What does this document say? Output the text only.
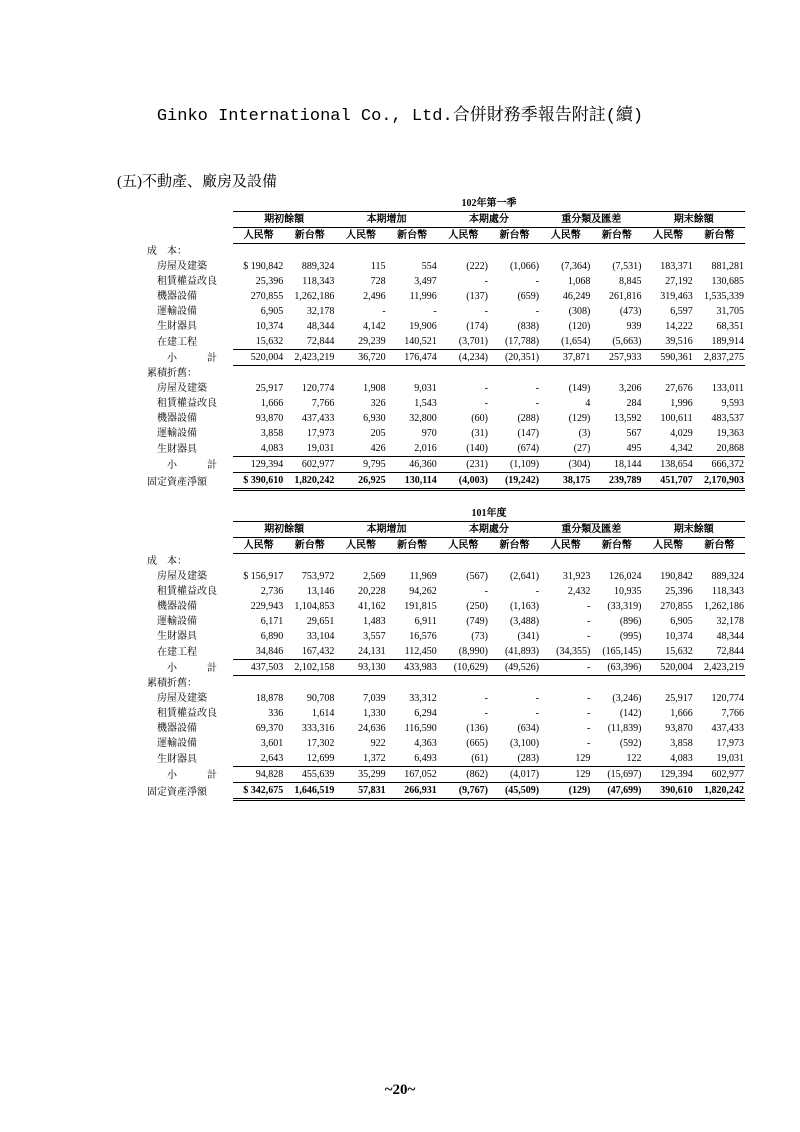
Ginko International Co., Ltd.合併財務季報告附註(續)
(五)不動產、廠房及設備
	102年第一季									
	期初餘額		本期增加		本期處分		重分類及匯差		期末餘額	
	人民幣	新台幣	人民幣	新台幣	人民幣	新台幣	人民幣	新台幣	人民幣	新台幣
成　本：										
房屋及建築	$ 190,842	889,324	115	554	(222)	(1,066)	(7,364)	(7,531)	183,371	881,281
租賃權益改良	25,396	118,343	728	3,497	-	-	1,068	8,845	27,192	130,685
機器設備	270,855	1,262,186	2,496	11,996	(137)	(659)	46,249	261,816	319,463	1,535,339
運輸設備	6,905	32,178	-	-	-	-	(308)	(473)	6,597	31,705
生財器具	10,374	48,344	4,142	19,906	(174)	(838)	(120)	939	14,222	68,351
在建工程	15,632	72,844	29,239	140,521	(3,701)	(17,788)	(1,654)	(5,663)	39,516	189,914
小　計	520,004	2,423,219	36,720	176,474	(4,234)	(20,351)	37,871	257,933	590,361	2,837,275
累積折舊：										
房屋及建築	25,917	120,774	1,908	9,031	-	-	(149)	3,206	27,676	133,011
租賃權益改良	1,666	7,766	326	1,543	-	-	4	284	1,996	9,593
機器設備	93,870	437,433	6,930	32,800	(60)	(288)	(129)	13,592	100,611	483,537
運輸設備	3,858	17,973	205	970	(31)	(147)	(3)	567	4,029	19,363
生財器具	4,083	19,031	426	2,016	(140)	(674)	(27)	495	4,342	20,868
小　計	129,394	602,977	9,795	46,360	(231)	(1,109)	(304)	18,144	138,654	666,372
固定資產淨額	$ 390,610	1,820,242	26,925	130,114	(4,003)	(19,242)	38,175	239,789	451,707	2,170,903
	101年度									
	期初餘額		本期增加		本期處分		重分類及匯差		期末餘額	
	人民幣	新台幣	人民幣	新台幣	人民幣	新台幣	人民幣	新台幣	人民幣	新台幣
成　本：										
房屋及建築	$ 156,917	753,972	2,569	11,969	(567)	(2,641)	31,923	126,024	190,842	889,324
租賃權益改良	2,736	13,146	20,228	94,262	-	-	2,432	10,935	25,396	118,343
機器設備	229,943	1,104,853	41,162	191,815	(250)	(1,163)	-	(33,319)	270,855	1,262,186
運輸設備	6,171	29,651	1,483	6,911	(749)	(3,488)	-	(896)	6,905	32,178
生財器具	6,890	33,104	3,557	16,576	(73)	(341)	-	(995)	10,374	48,344
在建工程	34,846	167,432	24,131	112,450	(8,990)	(41,893)	(34,355)	(165,145)	15,632	72,844
小　計	437,503	2,102,158	93,130	433,983	(10,629)	(49,526)	-	(63,396)	520,004	2,423,219
累積折舊：										
房屋及建築	18,878	90,708	7,039	33,312	-	-	-	(3,246)	25,917	120,774
租賃權益改良	336	1,614	1,330	6,294	-	-	-	(142)	1,666	7,766
機器設備	69,370	333,316	24,636	116,590	(136)	(634)	-	(11,839)	93,870	437,433
運輸設備	3,601	17,302	922	4,363	(665)	(3,100)	-	(592)	3,858	17,973
生財器具	2,643	12,699	1,372	6,493	(61)	(283)	129	122	4,083	19,031
小　計	94,828	455,639	35,299	167,052	(862)	(4,017)	129	(15,697)	129,394	602,977
固定資產淨額	$ 342,675	1,646,519	57,831	266,931	(9,767)	(45,509)	(129)	(47,699)	390,610	1,820,242
~20~
